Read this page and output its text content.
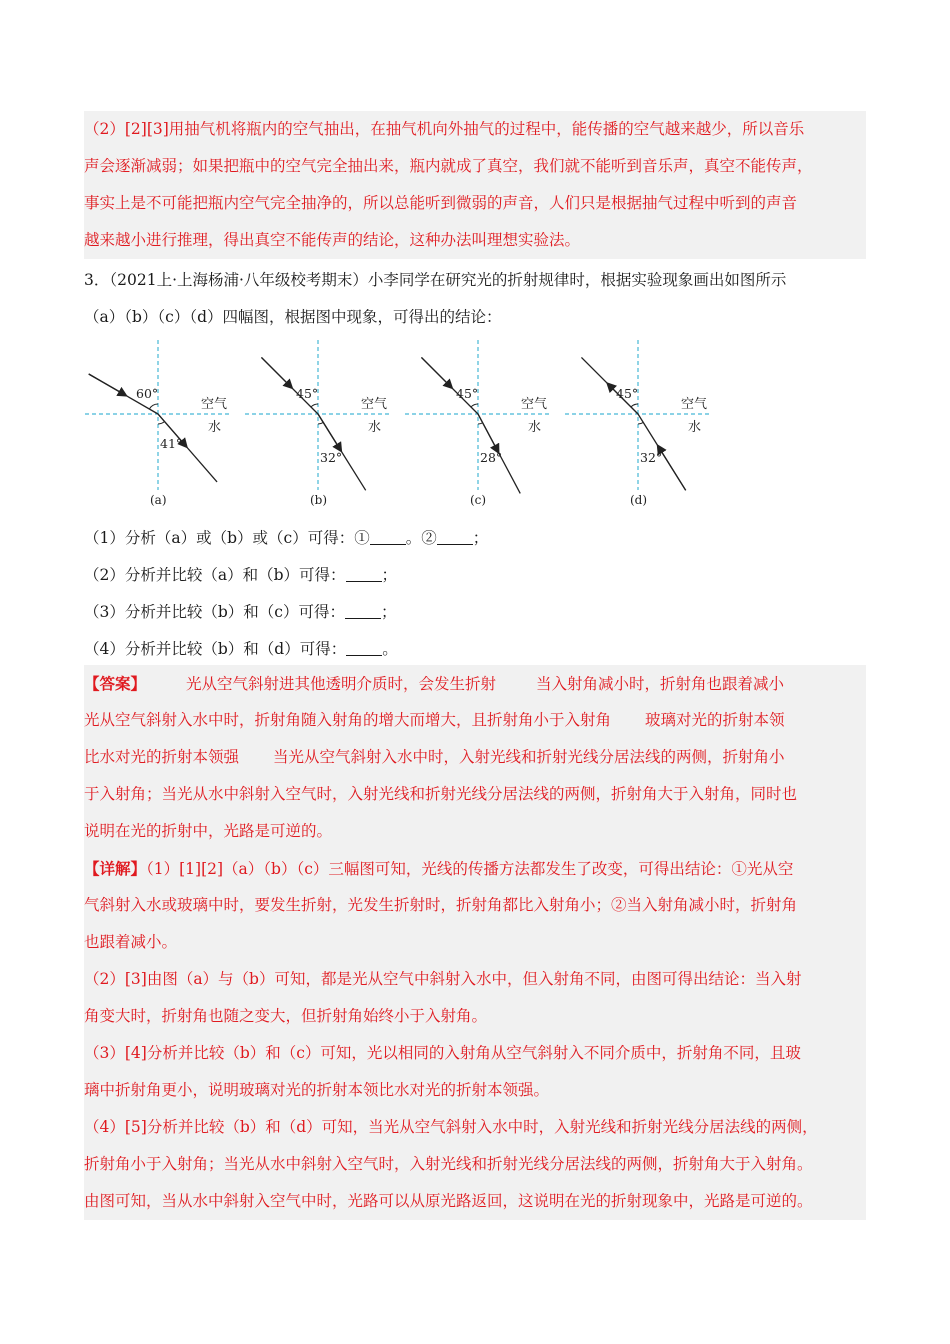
（2）[2][3]用抽气机将瓶内的空气抽出，在抽气机向外抽气的过程中，能传播的空气越来越少，所以音乐
声会逐渐减弱；如果把瓶中的空气完全抽出来，瓶内就成了真空，我们就不能听到音乐声，真空不能传声，
事实上是不可能把瓶内空气完全抽净的，所以总能听到微弱的声音，人们只是根据抽气过程中听到的声音
越来越小进行推理，得出真空不能传声的结论，这种办法叫理想实验法。
3．（2021上·上海杨浦·八年级校考期末）小李同学在研究光的折射规律时，根据实验现象画出如图所示
（a）（b）（c）（d）四幅图，根据图中现象，可得出的结论：
60°
41°
空气
水
(a)
45°
32°
空气
水
(b)
45°
28°
空气
水
(c)
45°
32°
空气
水
(d)
（1）分析（a）或（b）或（c）可得：① 。② ；
（2）分析并比较（a）和（b）可得： ；
（3）分析并比较（b）和（c）可得： ；
（4）分析并比较（b）和（d）可得： 。
【答案】	光从空气斜射进其他透明介质时，会发生折射	当入射角减小时，折射角也跟着减小
光从空气斜射入水中时，折射角随入射角的增大而增大，且折射角小于入射角 玻璃对光的折射本领
比水对光的折射本领强 当光从空气斜射入水中时，入射光线和折射光线分居法线的两侧，折射角小
于入射角；当光从水中斜射入空气时，入射光线和折射光线分居法线的两侧，折射角大于入射角，同时也
说明在光的折射中，光路是可逆的。
【详解】（1）[1][2]（a）（b）（c）三幅图可知，光线的传播方法都发生了改变，可得出结论：①光从空
气斜射入水或玻璃中时，要发生折射，光发生折射时，折射角都比入射角小；②当入射角减小时，折射角
也跟着减小。
（2）[3]由图（a）与（b）可知，都是光从空气中斜射入水中，但入射角不同，由图可得出结论：当入射
角变大时，折射角也随之变大，但折射角始终小于入射角。
（3）[4]分析并比较（b）和（c）可知，光以相同的入射角从空气斜射入不同介质中，折射角不同，且玻
璃中折射角更小，说明玻璃对光的折射本领比水对光的折射本领强。
（4）[5]分析并比较（b）和（d）可知，当光从空气斜射入水中时，入射光线和折射光线分居法线的两侧，
折射角小于入射角；当光从水中斜射入空气时，入射光线和折射光线分居法线的两侧，折射角大于入射角。
由图可知，当从水中斜射入空气中时，光路可以从原光路返回，这说明在光的折射现象中，光路是可逆的。
